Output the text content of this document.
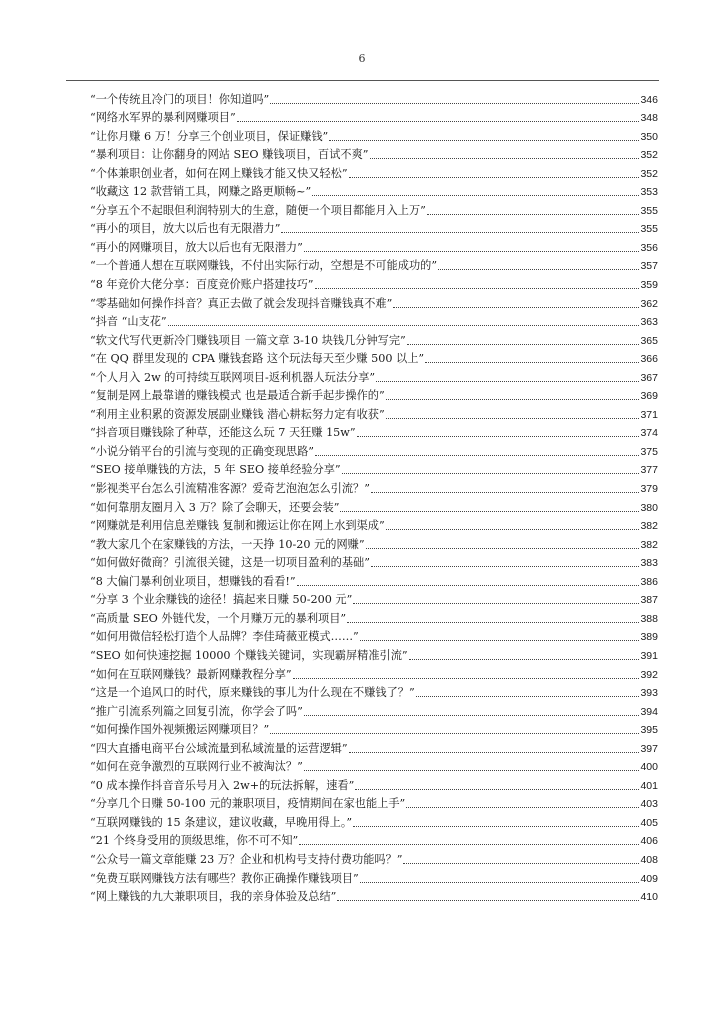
6
“一个传统且冷门的项目！你知道吗”	346
“网络水军界的暴利网赚项目”	348
“让你月赚 6 万！分享三个创业项目，保证赚钱”	350
“暴利项目：让你翻身的网站 SEO 赚钱项目，百试不爽”	352
“个体兼职创业者，如何在网上赚钱才能又快又轻松”	352
“收藏这 12 款营销工具，网赚之路更顺畅~”	353
“分享五个不起眼但利润特别大的生意，随便一个项目都能月入上万”	355
“再小的项目，放大以后也有无限潜力”	355
“再小的网赚项目，放大以后也有无限潜力”	356
“一个普通人想在互联网赚钱，不付出实际行动，空想是不可能成功的”	357
“8 年竞价大佬分享：百度竞价账户搭建技巧”	359
“零基础如何操作抖音？真正去做了就会发现抖音赚钱真不难”	362
“抖音 “山支花”	363
“软文代写代更新冷门赚钱项目 一篇文章 3-10 块钱几分钟写完”	365
“在 QQ 群里发现的 CPA 赚钱套路 这个玩法每天至少赚 500 以上”	366
“个人月入 2w 的可持续互联网项目-返利机器人玩法分享”	367
“复制是网上最靠谱的赚钱模式 也是最适合新手起步操作的”	369
“利用主业积累的资源发展副业赚钱 潜心耕耘努力定有收获”	371
“抖音项目赚钱除了种草，还能这么玩 7 天狂赚 15w”	374
“小说分销平台的引流与变现的正确变现思路”	375
“SEO 接单赚钱的方法，5 年 SEO 接单经验分享”	377
“影视类平台怎么引流精准客源？爱奇艺泡泡怎么引流？”	379
“如何靠朋友圈月入 3 万？除了会聊天，还要会装”	380
“网赚就是利用信息差赚钱 复制和搬运让你在网上水到渠成”	382
“教大家几个在家赚钱的方法，一天挣 10-20 元的网赚”	382
“如何做好微商？引流很关键，这是一切项目盈利的基础”	383
“8 大偏门暴利创业项目，想赚钱的看看!”	386
“分享 3 个业余赚钱的途径！搞起来日赚 50-200 元”	387
“高质量 SEO 外链代发，一个月赚万元的暴利项目”	388
“如何用微信轻松打造个人品牌？李佳琦薇亚模式……”	389
“SEO 如何快速挖掘 10000 个赚钱关键词，实现霸屏精准引流”	391
“如何在互联网赚钱？最新网赚教程分享”	392
“这是一个追风口的时代，原来赚钱的事儿为什么现在不赚钱了？”	393
“推广引流系列篇之回复引流，你学会了吗”	394
“如何操作国外视频搬运网赚项目？”	395
“四大直播电商平台公域流量到私域流量的运营逻辑”	397
“如何在竞争激烈的互联网行业不被淘汰？”	400
“0 成本操作抖音音乐号月入 2w+的玩法拆解，速看”	401
“分享几个日赚 50-100 元的兼职项目，疫情期间在家也能上手”	403
“互联网赚钱的 15 条建议，建议收藏，早晚用得上。”	405
“21 个终身受用的顶级思维，你不可不知”	406
“公众号一篇文章能赚 23 万？企业和机构号支持付费功能吗？”	408
“免费互联网赚钱方法有哪些？教你正确操作赚钱项目”	409
“网上赚钱的九大兼职项目，我的亲身体验及总结”	410
